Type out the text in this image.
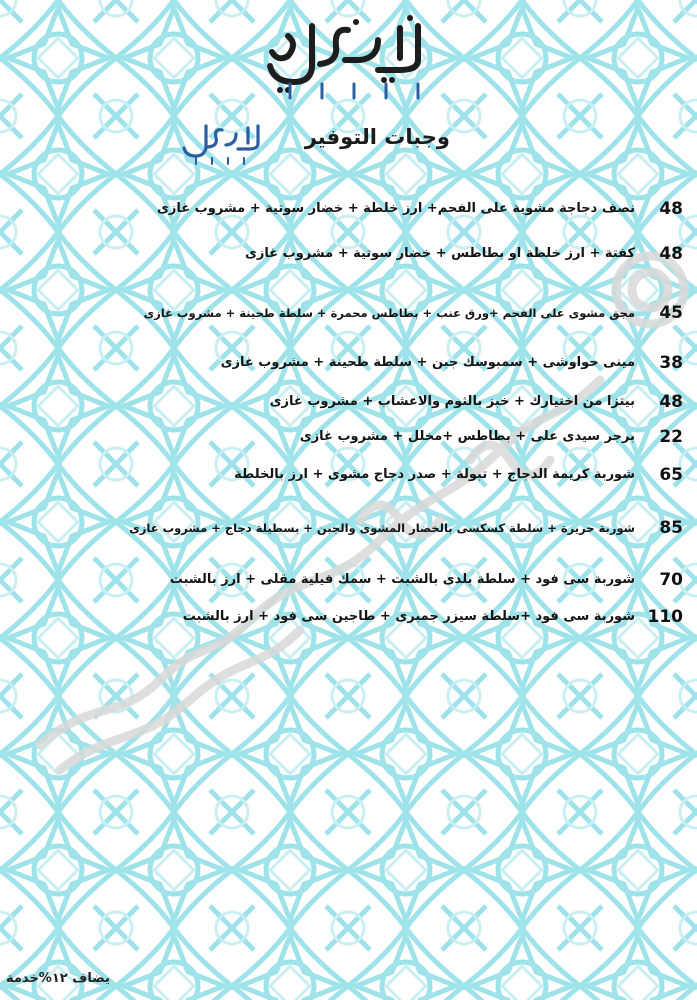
سيدي علي
وجبات التوفير
48
نصف دجاجة مشوية على الفحم+ ارز خلطة + خضار سوتية + مشروب غازى
48
كفتة + ارز خلطة او بطاطس + خضار سوتية + مشروب غازى
45
مجق مشوى على الفحم +ورق عنب + بطاطس محمرة + سلطة طحينة + مشروب غازى
38
مينى حواوشى + سمبوسك جبن + سلطة طحينة + مشروب غازى
48
بيتزا من اختيارك + خبز بالثوم والاعشاب + مشروب غازى
22
برجر سيدى على + بطاطس +مخلل + مشروب غازى
65
شوربة كريمة الدجاج + تبولة + صدر دجاج مشوى + ارز بالخلطة
85
شوربة حريرة + سلطة كسكسى بالخضار المشوى والجبن + بسطيلة دجاج + مشروب غازى
70
شوربة سى فود + سلطة بلدى بالشبت + سمك فيلية مقلى + ارز بالشبت
110
شوربة سى فود +سلطة سيزر جمبرى + طاجين سى فود + ارز بالشبت
يضاف ١٢%خدمة
